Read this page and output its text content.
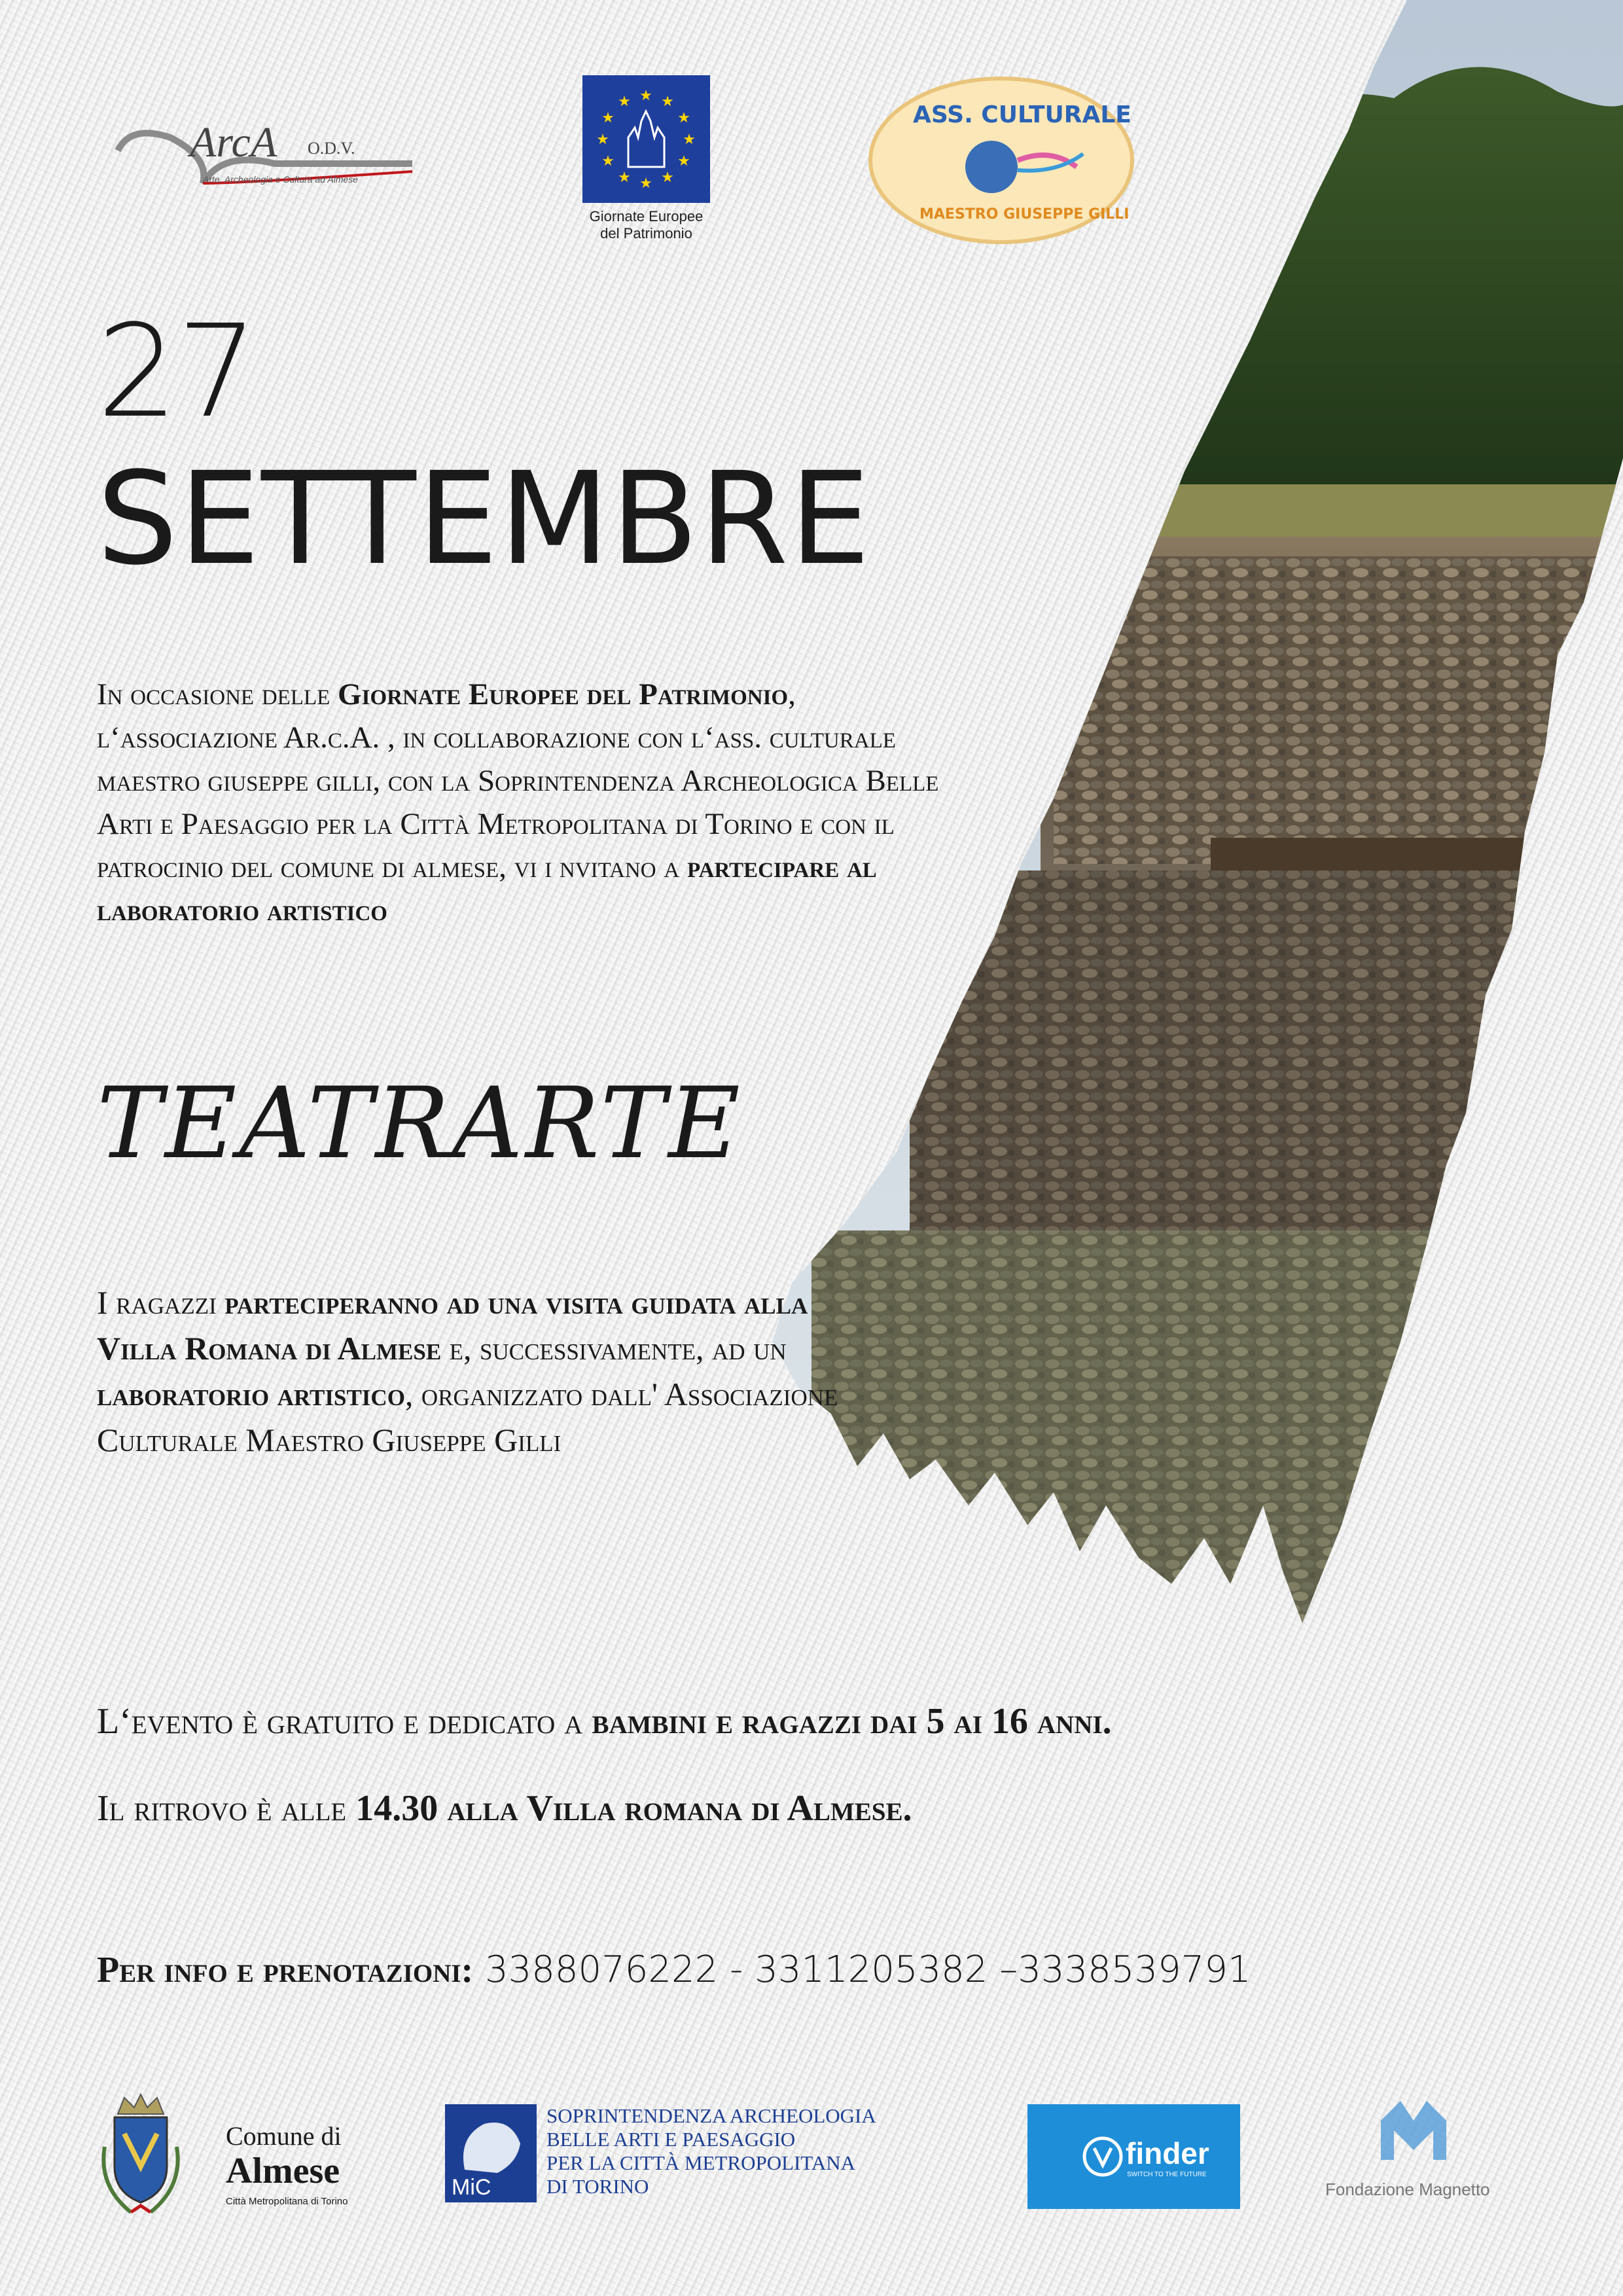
ArcA O.D.V.
Arte, Archeologia e Cultura ad Almese
★ ★
★
★
★
★
★
★
★
★
★
★
Giornate Europee
del Patrimonio
ASS. CULTURALE
MAESTRO GIUSEPPE GILLI
27
SETTEMBRE
In occasione delle Giornate Europee del Patrimonio, l‘associazione Ar.c.A. , in collaborazione con l‘ass. culturale maestro giuseppe gilli, con la Soprintendenza Archeologica Belle Arti e Paesaggio per la Città Metropolitana di Torino e con il patrocinio del comune di almese, vi i nvitano a partecipare al laboratorio artistico
TEATRARTE
I ragazzi parteciperanno ad una visita guidata alla Villa Romana di Almese e, successivamente, ad un laboratorio artistico, organizzato dall' Associazione Culturale Maestro Giuseppe Gilli
L‘evento è gratuito e dedicato a bambini e ragazzi dai 5 ai 16 anni.
Il ritrovo è alle 14.30 alla Villa romana di Almese.
Per info e prenotazioni: 3388076222 - 3311205382 –3338539791
Comune di
Almese
Città Metropolitana di Torino
MiC
SOPRINTENDENZA ARCHEOLOGIA
BELLE ARTI E PAESAGGIO
PER LA CITTÀ METROPOLITANA
DI TORINO
finder
SWITCH TO THE FUTURE
Fondazione Magnetto
